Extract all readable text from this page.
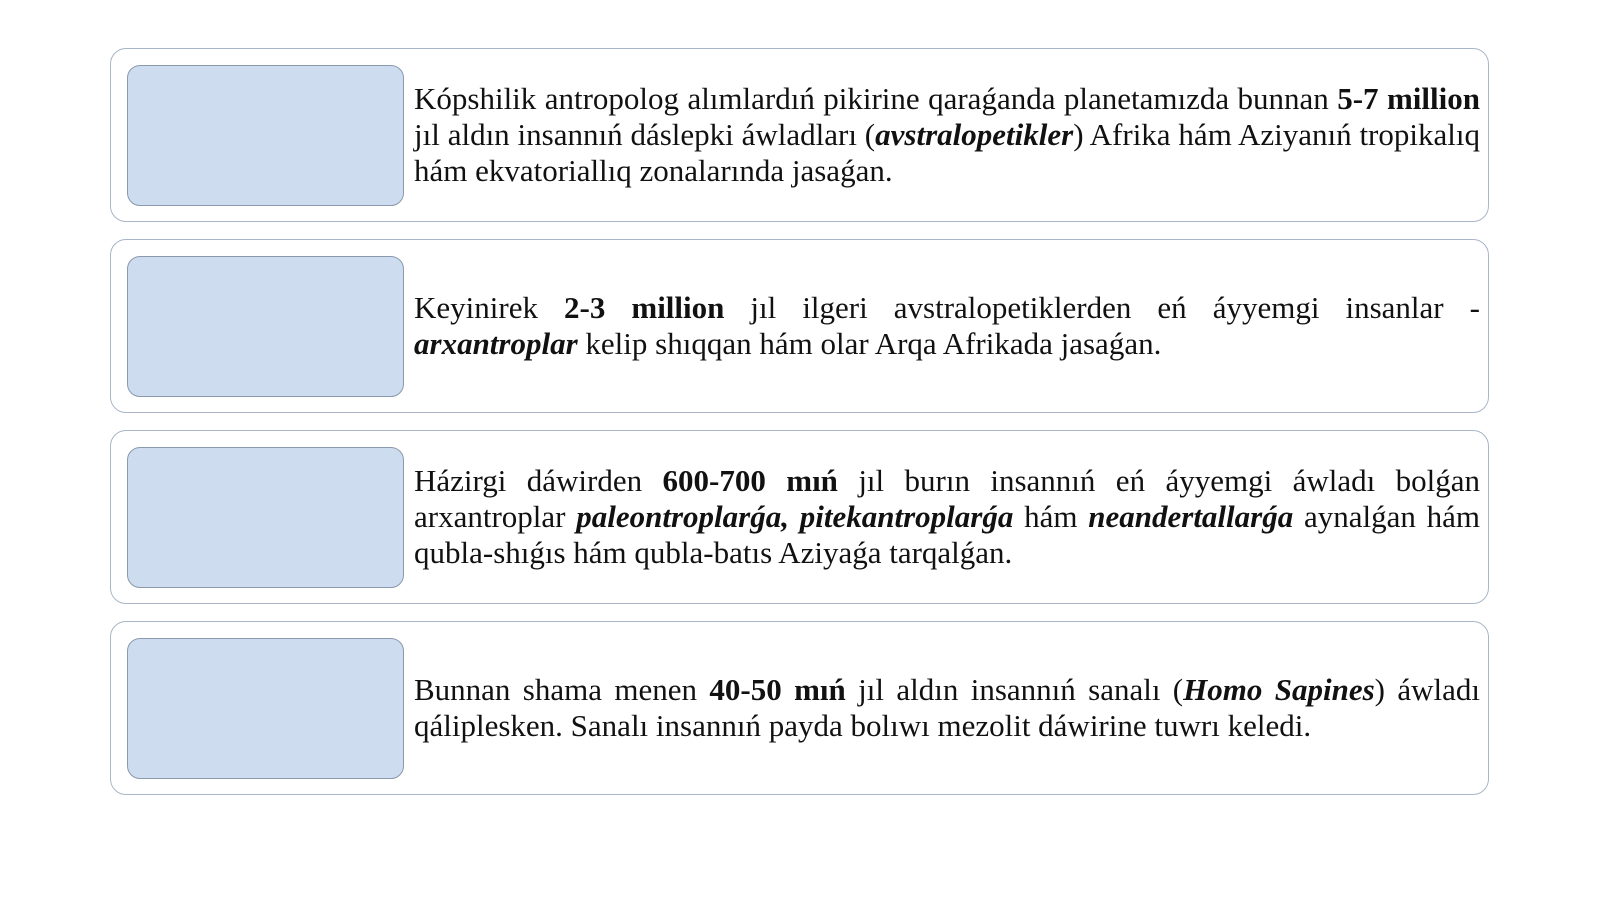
Kópshilik antropolog alımlardıń pikirine qaraǵanda planetamızda bunnan 5-7 million jıl aldın insannıń dáslepki áwladları (avstralopetikler) Afrika hám Aziyanıń tropikalıq hám ekvatoriallıq zonalarında jasaǵan.

Keyinirek 2-3 million jıl ilgeri avstralopetiklerden eń áyyemgi insanlar - arxantroplar kelip shıqqan hám olar Arqa Afrikada jasaǵan.

Házirgi dáwirden 600-700 mıń jıl burın insannıń eń áyyemgi áwladı bolǵan arxantroplar paleontroplarǵa, pitekantroplarǵa hám neandertallarǵa aynalǵan hám qubla-shıǵıs hám qubla-batıs Aziyaǵa tarqalǵan.

Bunnan shama menen 40-50 mıń jıl aldın insannıń sanalı (Homo Sapines) áwladı qáliplesken. Sanalı insannıń payda bolıwı mezolit dáwirine tuwrı keledi.
